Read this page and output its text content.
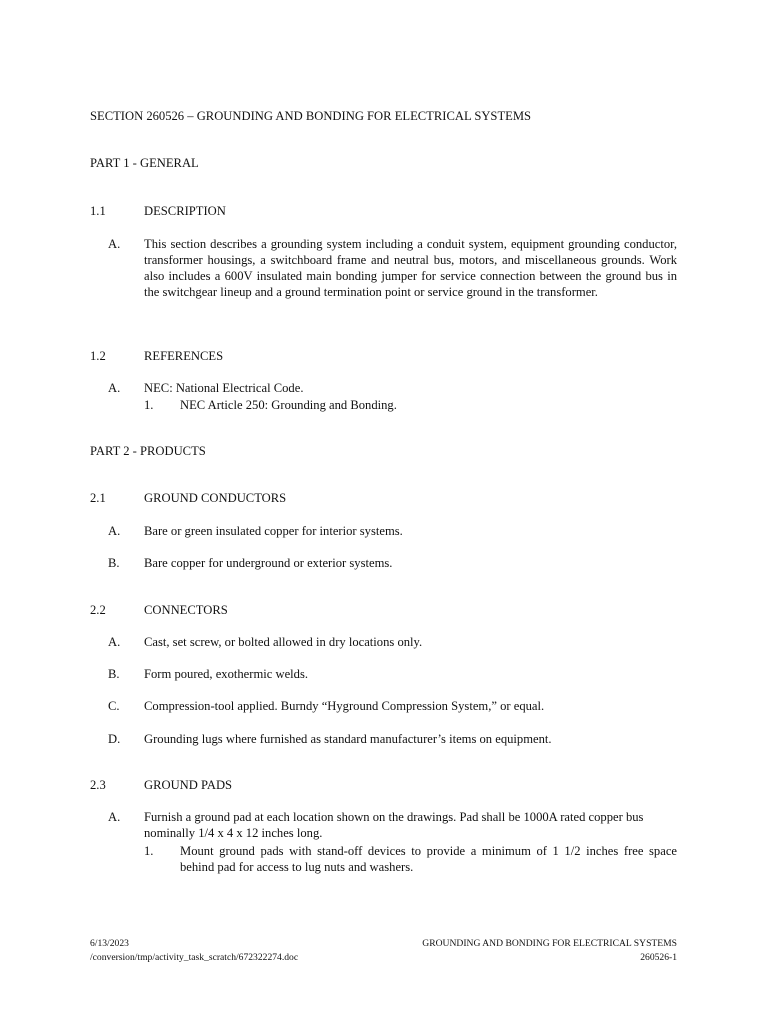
SECTION 260526 – GROUNDING AND BONDING FOR ELECTRICAL SYSTEMS
PART 1 - GENERAL
1.1	DESCRIPTION
A. This section describes a grounding system including a conduit system, equipment grounding conductor, transformer housings, a switchboard frame and neutral bus, motors, and miscellaneous grounds. Work also includes a 600V insulated main bonding jumper for service connection between the ground bus in the switchgear lineup and a ground termination point or service ground in the transformer.
1.2	REFERENCES
A. NEC: National Electrical Code.
1. NEC Article 250: Grounding and Bonding.
PART 2 - PRODUCTS
2.1	GROUND CONDUCTORS
A. Bare or green insulated copper for interior systems.
B. Bare copper for underground or exterior systems.
2.2	CONNECTORS
A. Cast, set screw, or bolted allowed in dry locations only.
B. Form poured, exothermic welds.
C. Compression-tool applied. Burndy “Hyground Compression System,” or equal.
D. Grounding lugs where furnished as standard manufacturer’s items on equipment.
2.3	GROUND PADS
A. Furnish a ground pad at each location shown on the drawings. Pad shall be 1000A rated copper bus nominally 1/4 x 4 x 12 inches long.
1. Mount ground pads with stand-off devices to provide a minimum of 1 1/2 inches free space behind pad for access to lug nuts and washers.
6/13/2023
/conversion/tmp/activity_task_scratch/672322274.doc
GROUNDING AND BONDING FOR ELECTRICAL SYSTEMS
260526-1
